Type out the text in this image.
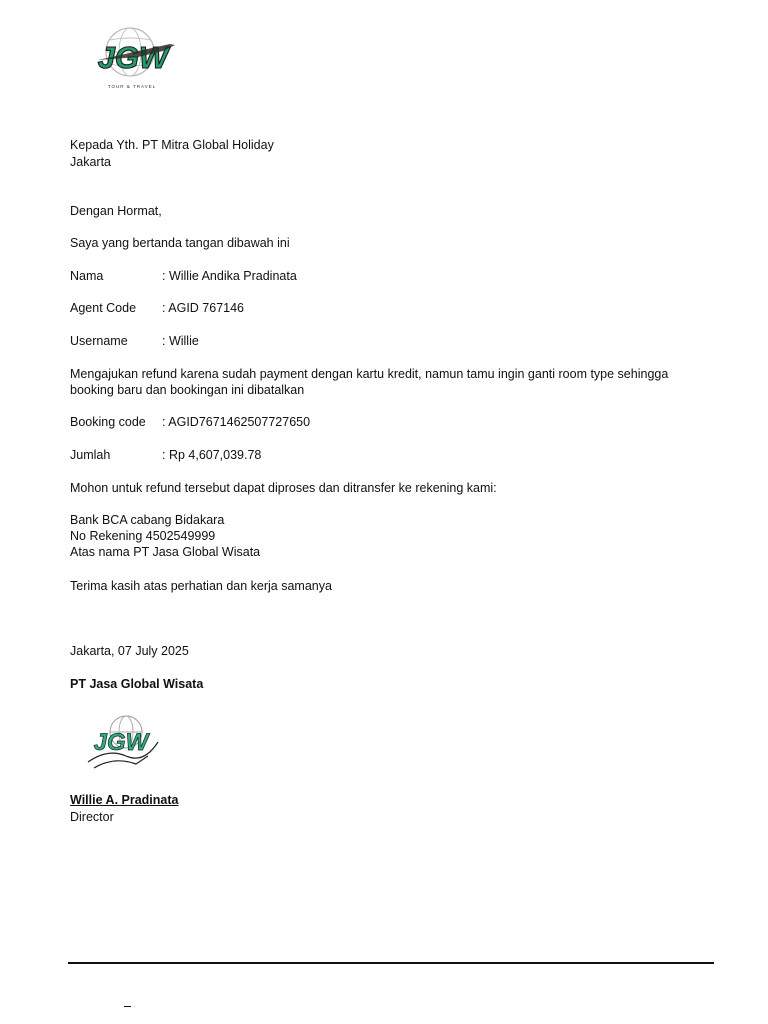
JGW
TOUR & TRAVEL
Kepada Yth. PT Mitra Global Holiday
Jakarta
Dengan Hormat,
Saya yang bertanda tangan dibawah ini
Nama	: Willie Andika Pradinata
Agent Code : AGID 767146
Username	: Willie
Mengajukan refund karena sudah payment dengan kartu kredit, namun tamu ingin ganti room type sehingga
booking baru dan bookingan ini dibatalkan
Booking code : AGID7671462507727650
Jumlah	: Rp 4,607,039.78
Mohon untuk refund tersebut dapat diproses dan ditransfer ke rekening kami:
Bank BCA cabang Bidakara
No Rekening 4502549999
Atas nama PT Jasa Global Wisata
Terima kasih atas perhatian dan kerja samanya
Jakarta, 07 July 2025
PT Jasa Global Wisata
JGW
Willie A. Pradinata
Director
